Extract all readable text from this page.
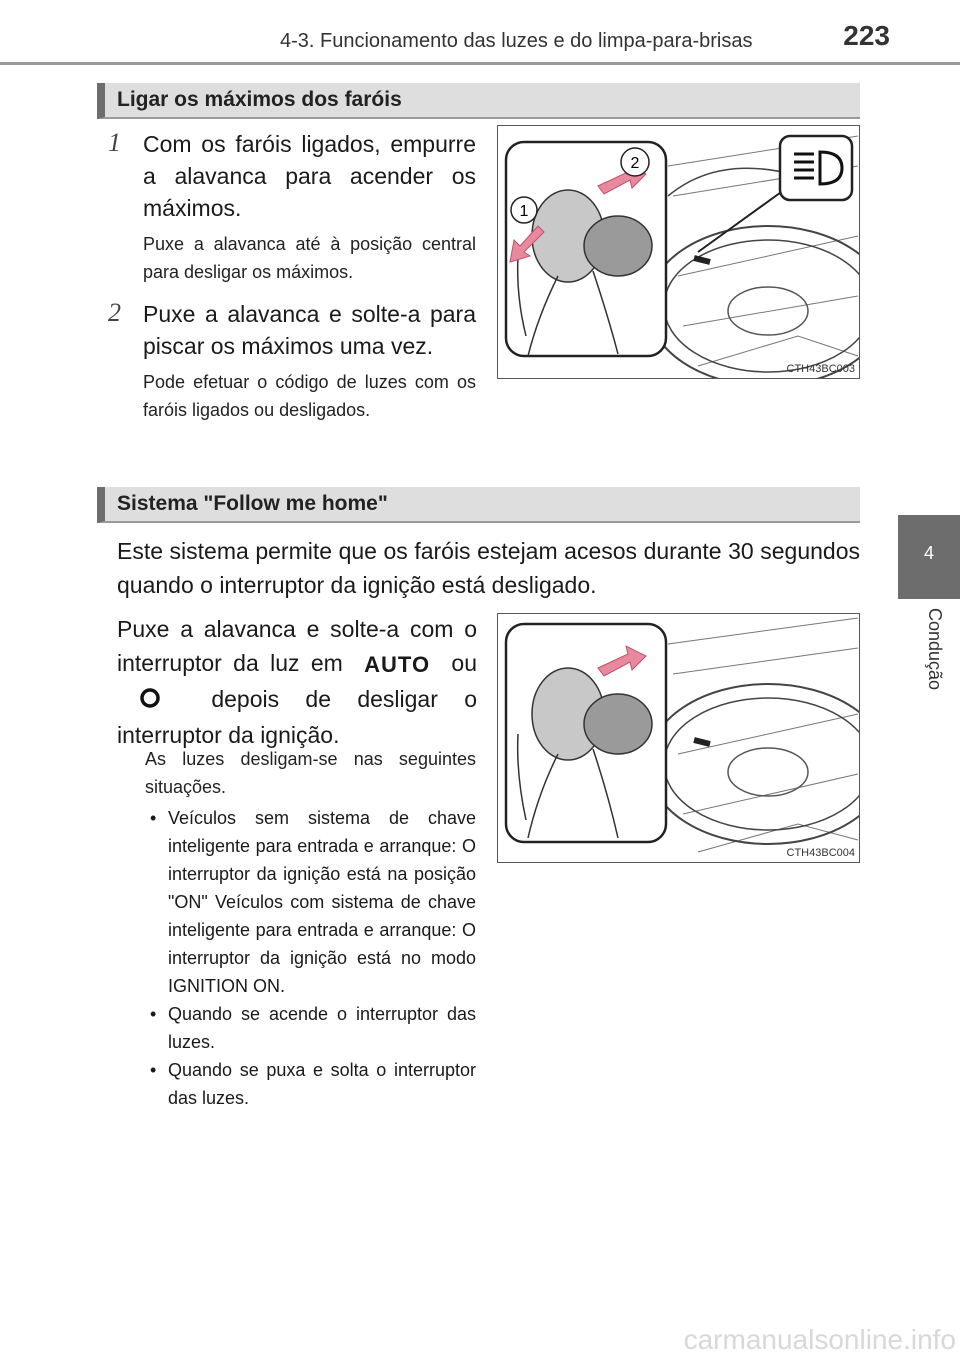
4-3. Funcionamento das luzes e do limpa-para-brisas	223
4
Condução
Ligar os máximos dos faróis
1 Com os faróis ligados, empurre a alavanca para acender os máximos.
Puxe a alavanca até à posição central para desligar os máximos.
2 Puxe a alavanca e solte-a para piscar os máximos uma vez.
Pode efetuar o código de luzes com os faróis ligados ou desligados.
2
1
CTH43BC003
Sistema "Follow me home"
Este sistema permite que os faróis estejam acesos durante 30 segundos quando o interruptor da ignição está desligado.
Puxe a alavanca e solte-a com o interruptor da luz em AUTO ou  depois de desligar o interruptor da ignição.
As luzes desligam-se nas seguintes situações.
• Veículos sem sistema de chave inteligente para entrada e arranque: O interruptor da ignição está na posição "ON" Veículos com sistema de chave inteligente para entrada e arranque: O interruptor da ignição está no modo IGNITION ON.
• Quando se acende o interruptor das luzes.
• Quando se puxa e solta o interruptor das luzes.
CTH43BC004
carmanualsonline.info
